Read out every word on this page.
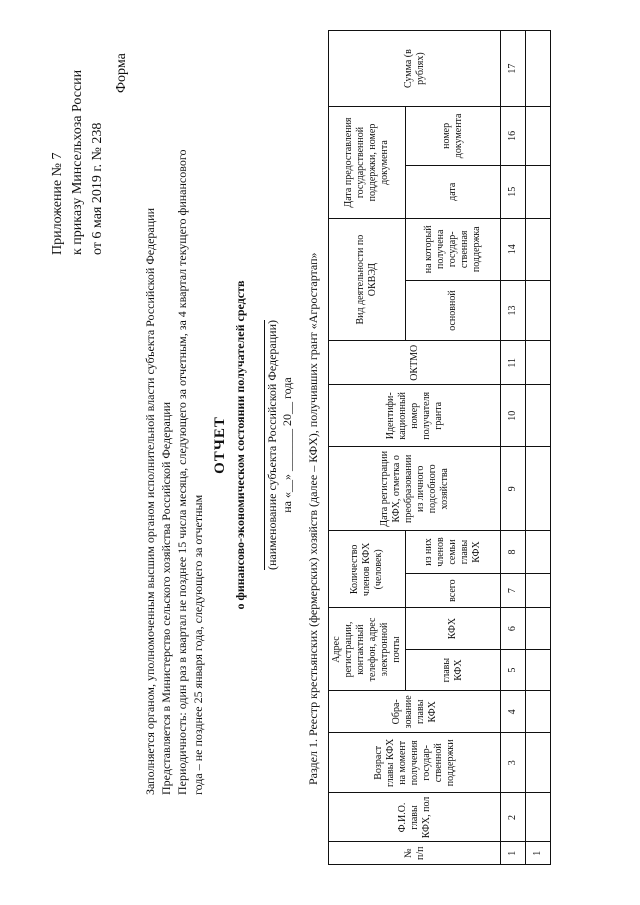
Приложение № 7 к приказу Минсельхоза России от 6 мая 2019 г. № 238
Форма
Заполняется органом, уполномоченным высшим органом исполнительной власти субъекта Российской Федерации Представляется в Министерство сельского хозяйства Российской Федерации Периодичность: один раз в квартал не позднее 15 числа месяца, следующего за отчетным, за 4 квартал текущего финансового года – не позднее 25 января года, следующего за отчетным
ОТЧЕТ о финансово-экономическом состоянии получателей средств (наименование субъекта Российской Федерации) на «__» _______ 20__ года Раздел 1. Реестр крестьянских (фермерских) хозяйств (далее – КФХ), получивших грант «Агростартап»
№ п/п	Ф.И.О. главы КФХ, пол	Возраст главы КФХ на момент получения государ-ственной поддержки	Обра-зование главы КФХ	Адрес регистрации, контактный телефон, адрес электронной почты		Количество членов КФХ (человек)		Дата регистрации КФХ, отметка о преобразовании из личного подсобного хозяйства	Идентифи-кационный номер получателя гранта	ОКТМО	Вид деятельности по ОКВЭД		Дата предоставления государственной поддержки, номер документа		Сумма (в рублях)
				главы КФХ	КФХ	всего	из них членов семьи главы КФХ				основной	на который получена государ-ственная поддержка	дата	номер документа	
1	2	3	4	5	6	7	8	9	10	11	13	14	15	16	17
1															
